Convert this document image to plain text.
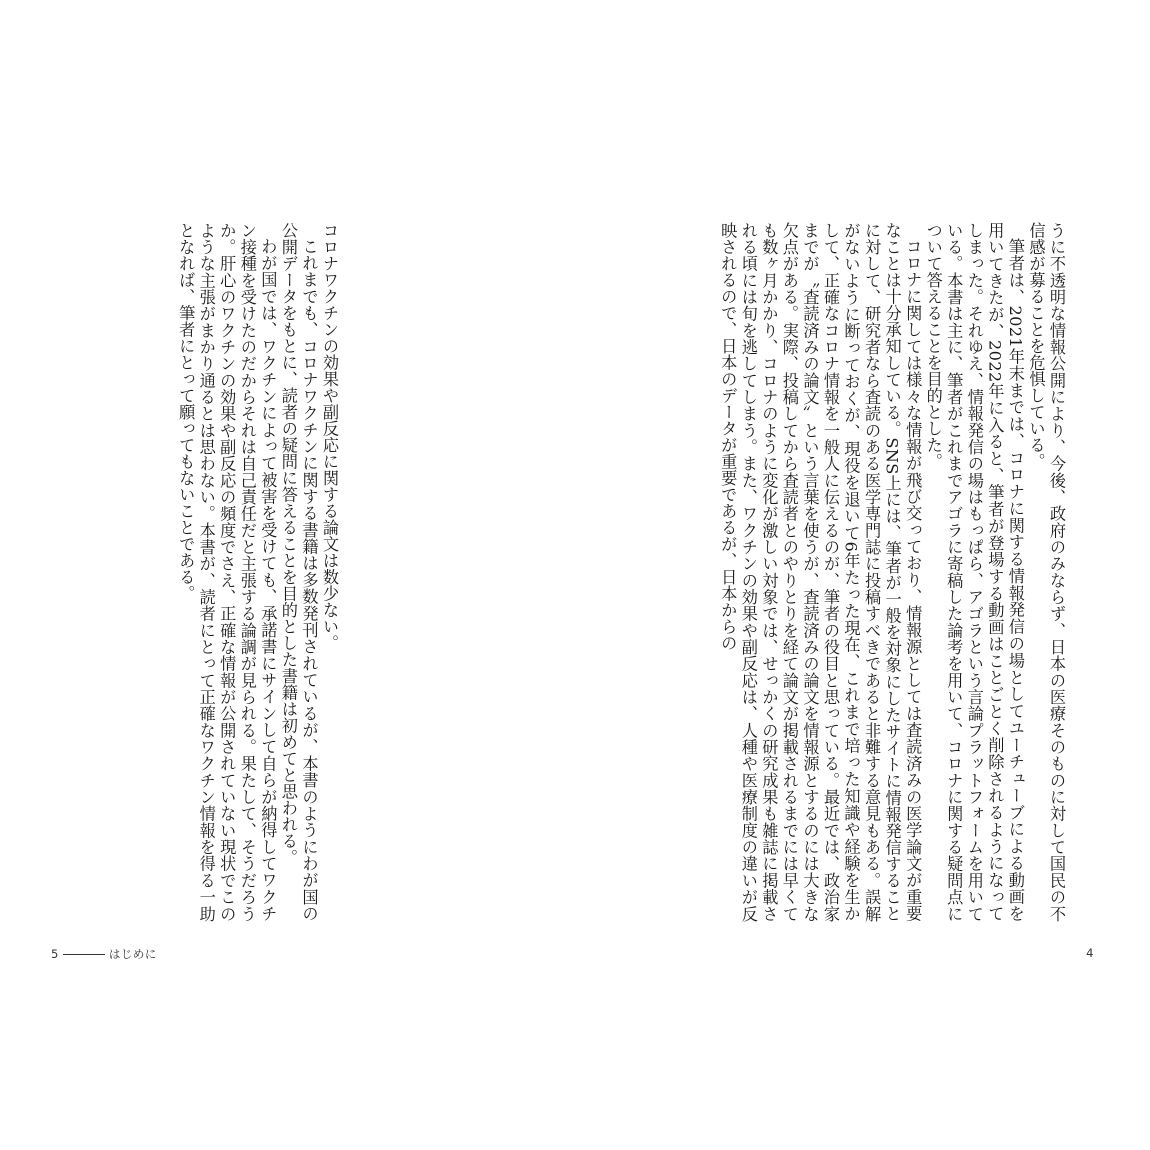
コロナワクチンの効果や副反応に関する論文は数少ない。

これまでも、コロナワクチンに関する書籍は多数発刊されているが、本書のようにわが国の公開データをもとに、読者の疑問に答えることを目的とした書籍は初めてと思われる。

わが国では、ワクチンによって被害を受けても、承諾書にサインして自らが納得してワクチン接種を受けたのだからそれは自己責任だと主張する論調が見られる。果たして、そうだろうか。肝心のワクチンの効果や副反応の頻度でさえ、正確な情報が公開されていない現状でこのような主張がまかり通るとは思わない。本書が、読者にとって正確なワクチン情報を得る一助となれば、筆者にとって願ってもないことである。

5	はじめに

うに不透明な情報公開により、今後、政府のみならず、日本の医療そのものに対して国民の不信感が募ることを危惧している。

筆者は、2021年末までは、コロナに関する情報発信の場としてユーチューブによる動画を用いてきたが、2022年に入ると、筆者が登場する動画はことごとく削除されるようになってしまった。それゆえ、情報発信の場はもっぱら、アゴラという言論プラットフォームを用いている。本書は主に、筆者がこれまでアゴラに寄稿した論考を用いて、コロナに関する疑問点について答えることを目的とした。

コロナに関しては様々な情報が飛び交っており、情報源としては査読済みの医学論文が重要なことは十分承知している。SNS上には、筆者が一般を対象にしたサイトに情報発信することに対して、研究者なら査読のある医学専門誌に投稿すべきであると非難する意見もある。誤解がないように断っておくが、現役を退いて6年たった現在、これまで培った知識や経験を生かして、正確なコロナ情報を一般人に伝えるのが、筆者の役目と思っている。最近では、政治家までが〝査読済みの論文〟という言葉を使うが、査読済みの論文を情報源とするのには大きな欠点がある。実際、投稿してから査読者とのやりとりを経て論文が掲載されるまでには早くても数ヶ月かかり、コロナのように変化が激しい対象では、せっかくの研究成果も雑誌に掲載される頃には旬を逃してしまう。また、ワクチンの効果や副反応は、人種や医療制度の違いが反映されるので、日本のデータが重要であるが、日本からの

4
